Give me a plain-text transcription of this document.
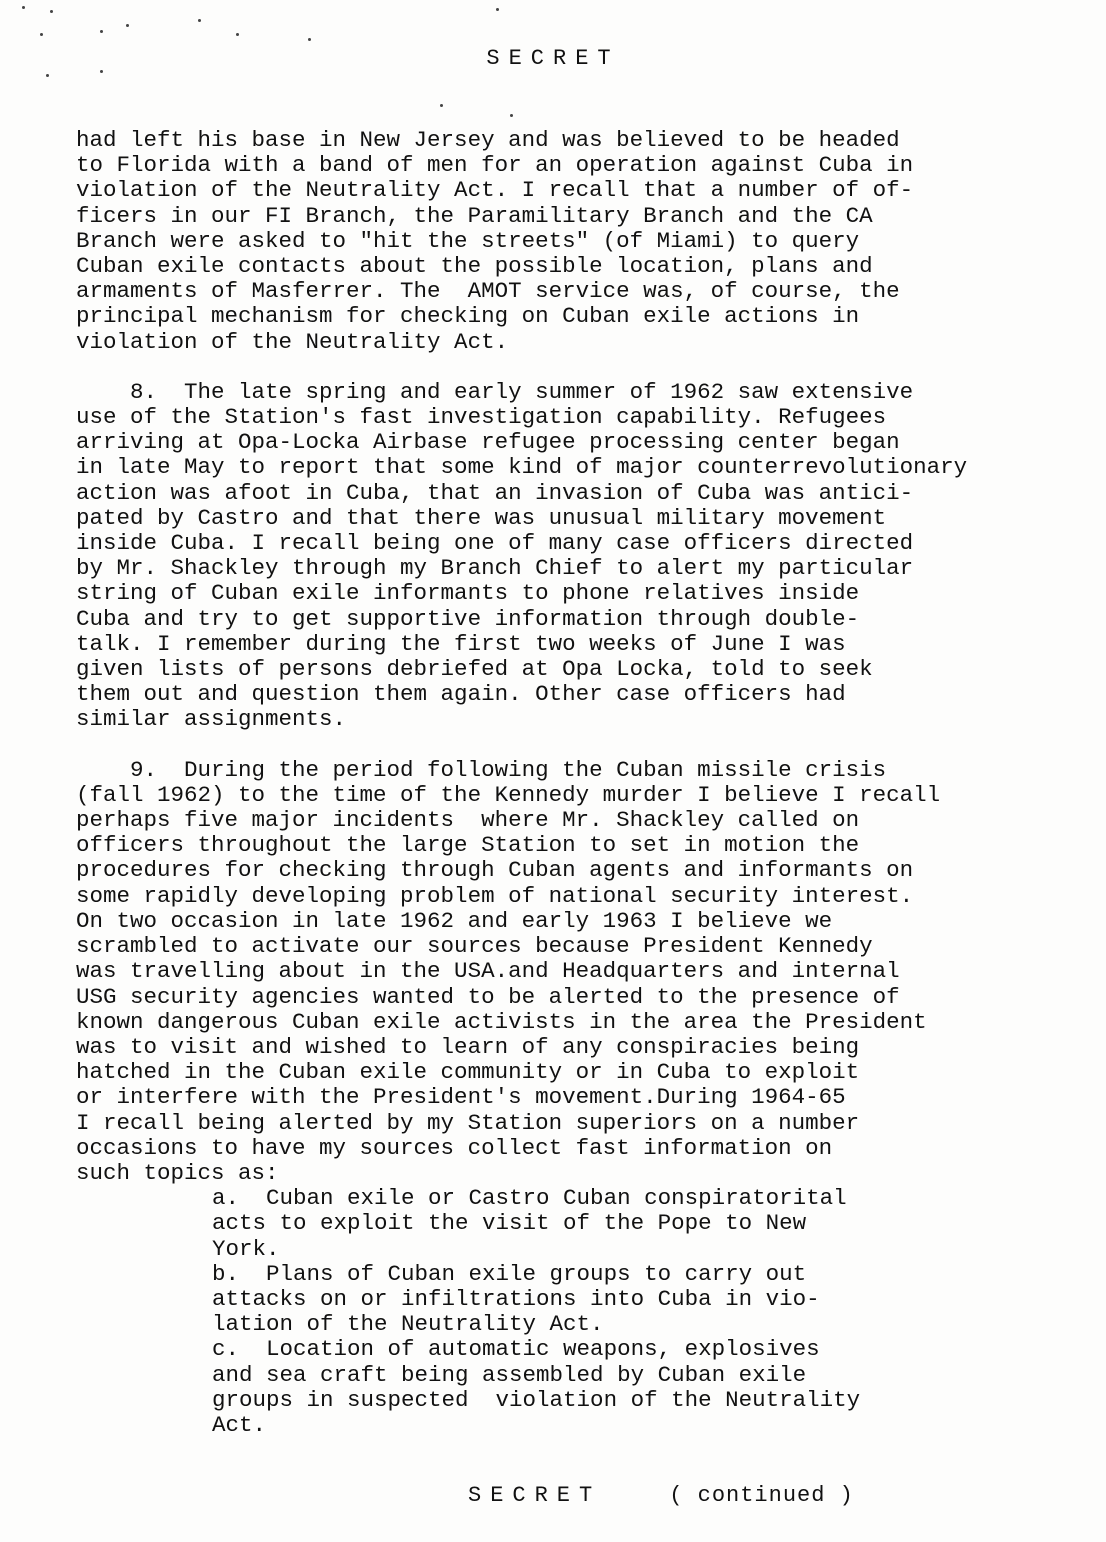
SECRET
had left his base in New Jersey and was believed to be headed
to Florida with a band of men for an operation against Cuba in
violation of the Neutrality Act. I recall that a number of of-
ficers in our FI Branch, the Paramilitary Branch and the CA
Branch were asked to "hit the streets" (of Miami) to query
Cuban exile contacts about the possible location, plans and
armaments of Masferrer. The  AMOT service was, of course, the
principal mechanism for checking on Cuban exile actions in
violation of the Neutrality Act.
8.  The late spring and early summer of 1962 saw extensive
use of the Station's fast investigation capability. Refugees
arriving at Opa-Locka Airbase refugee processing center began
in late May to report that some kind of major counterrevolutionary
action was afoot in Cuba, that an invasion of Cuba was antici-
pated by Castro and that there was unusual military movement
inside Cuba. I recall being one of many case officers directed
by Mr. Shackley through my Branch Chief to alert my particular
string of Cuban exile informants to phone relatives inside
Cuba and try to get supportive information through double-
talk. I remember during the first two weeks of June I was
given lists of persons debriefed at Opa Locka, told to seek
them out and question them again. Other case officers had
similar assignments.
9.  During the period following the Cuban missile crisis
(fall 1962) to the time of the Kennedy murder I believe I recall
perhaps five major incidents  where Mr. Shackley called on
officers throughout the large Station to set in motion the
procedures for checking through Cuban agents and informants on
some rapidly developing problem of national security interest.
On two occasion in late 1962 and early 1963 I believe we
scrambled to activate our sources because President Kennedy
was travelling about in the USA.and Headquarters and internal
USG security agencies wanted to be alerted to the presence of
known dangerous Cuban exile activists in the area the President
was to visit and wished to learn of any conspiracies being
hatched in the Cuban exile community or in Cuba to exploit
or interfere with the President's movement.During 1964-65
I recall being alerted by my Station superiors on a number
occasions to have my sources collect fast information on
such topics as:
a.  Cuban exile or Castro Cuban conspiratorital
acts to exploit the visit of the Pope to New
York.
b.  Plans of Cuban exile groups to carry out
attacks on or infiltrations into Cuba in vio-
lation of the Neutrality Act.
c.  Location of automatic weapons, explosives
and sea craft being assembled by Cuban exile
groups in suspected  violation of the Neutrality
Act.
SECRET	( continued )
